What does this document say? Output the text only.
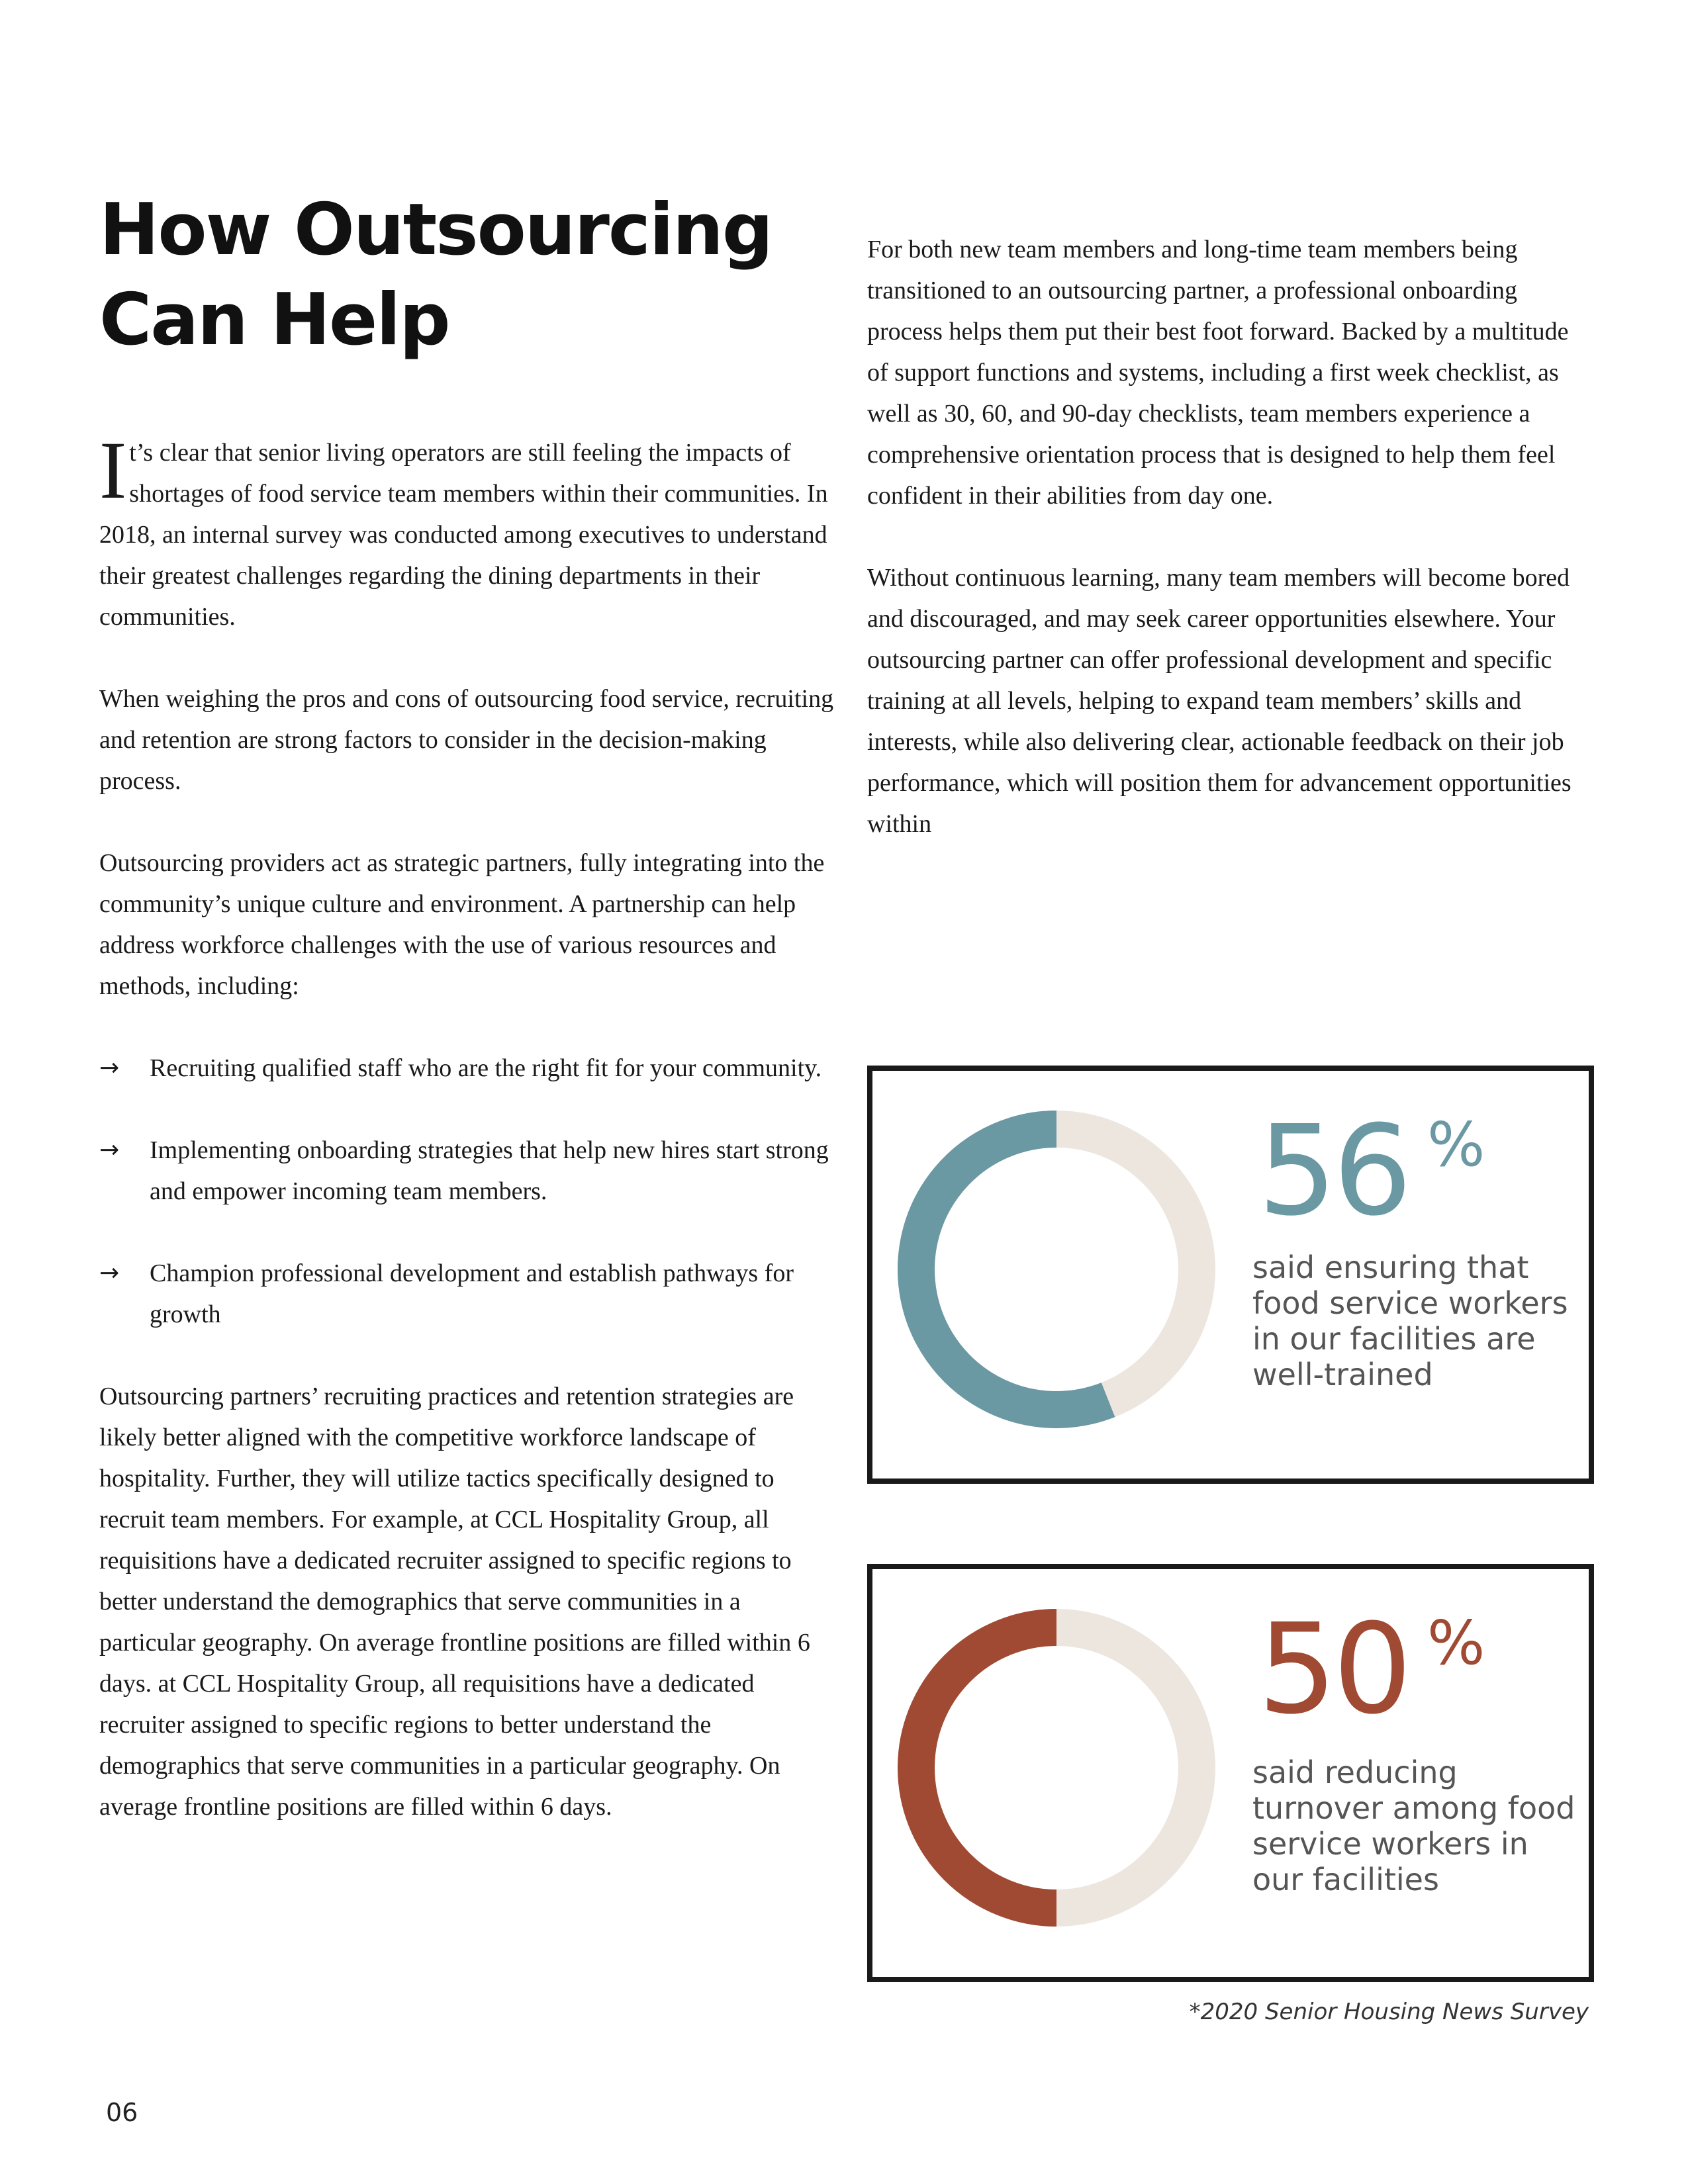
How Outsourcing
Can Help

It’s clear that senior living operators are still feeling the impacts of shortages of food service team members within their communities. In 2018, an internal survey was conducted among executives to understand their greatest challenges regarding the dining departments in their communities.

When weighing the pros and cons of outsourcing food service, recruiting and retention are strong factors to consider in the decision-making process.

Outsourcing providers act as strategic partners, fully integrating into the community’s unique culture and environment. A partnership can help address workforce challenges with the use of various resources and methods, including:

→	Recruiting qualified staff who are the right fit for your community.
→	Implementing onboarding strategies that help new hires start strong and empower incoming team members.
→	Champion professional development and establish pathways for growth

Outsourcing partners’ recruiting practices and retention strategies are likely better aligned with the competitive workforce landscape of hospitality. Further, they will utilize tactics specifically designed to recruit team members. For example, at CCL Hospitality Group, all requisitions have a dedicated recruiter assigned to specific regions to better understand the demographics that serve communities in a particular geography. On average frontline positions are filled within 6 days. at CCL Hospitality Group, all requisitions have a dedicated recruiter assigned to specific regions to better understand the demographics that serve communities in a particular geography. On average frontline positions are filled within 6 days.

For both new team members and long-time team members being transitioned to an outsourcing partner, a professional onboarding process helps them put their best foot forward. Backed by a multitude of support functions and systems, including a first week checklist, as well as 30, 60, and 90-day checklists, team members experience a comprehensive orientation process that is designed to help them feel confident in their abilities from day one.

Without continuous learning, many team members will become bored and discouraged, and may seek career opportunities elsewhere. Your outsourcing partner can offer professional development and specific training at all levels, helping to expand team members’ skills and interests, while also delivering clear, actionable feedback on their job performance, which will position them for advancement opportunities within

56 %
said ensuring that food service workers in our facilities are well-trained
50 %
said reducing turnover among food service workers in our facilities
*2020 Senior Housing News Survey
06
